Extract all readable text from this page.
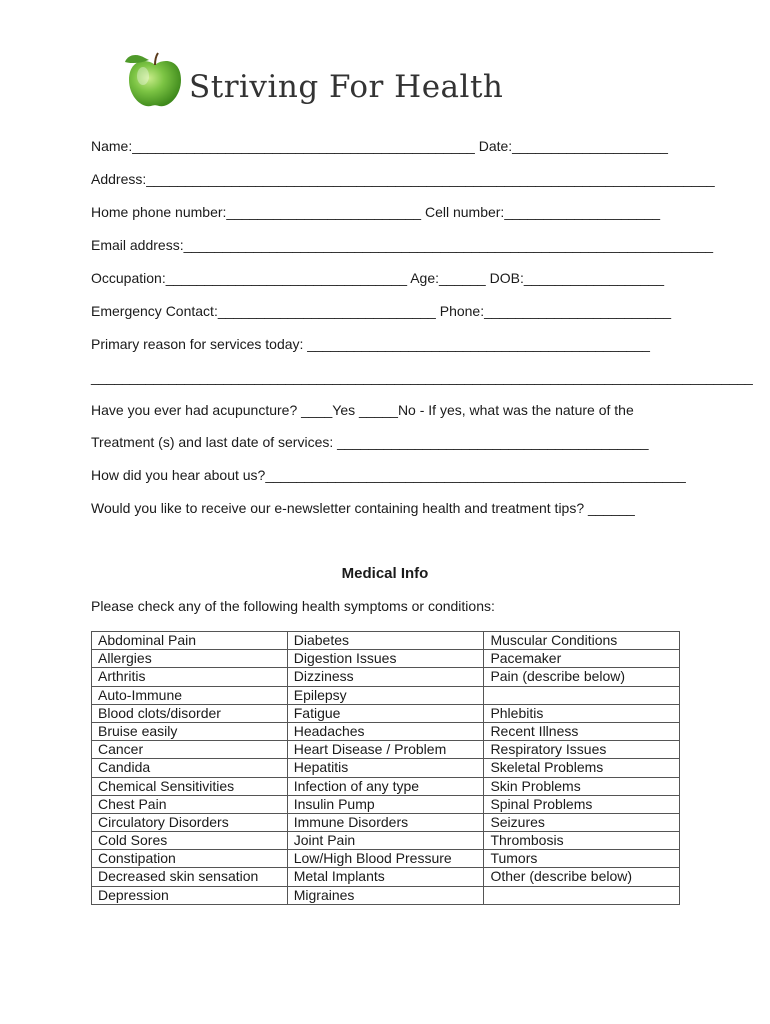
Striving For Health
Name:____________________________________________ Date:____________________
Address:_________________________________________________________________________
Home phone number:_________________________ Cell number:____________________
Email address:____________________________________________________________________
Occupation:_______________________________ Age:______ DOB:__________________
Emergency Contact:____________________________ Phone:________________________
Primary reason for services today: ____________________________________________
_____________________________________________________________________________________
Have you ever had acupuncture? ____Yes _____No - If yes, what was the nature of the
Treatment (s) and last date of services: ________________________________________
How did you hear about us?______________________________________________________
Would you like to receive our e-newsletter containing health and treatment tips? ______
Medical Info
Please check any of the following health symptoms or conditions:
Abdominal Pain	Diabetes	Muscular Conditions
Allergies	Digestion Issues	Pacemaker
Arthritis	Dizziness	Pain (describe below)
Auto-Immune	Epilepsy	
Blood clots/disorder	Fatigue	Phlebitis
Bruise easily	Headaches	Recent Illness
Cancer	Heart Disease / Problem	Respiratory Issues
Candida	Hepatitis	Skeletal Problems
Chemical Sensitivities	Infection of any type	Skin Problems
Chest Pain	Insulin Pump	Spinal Problems
Circulatory Disorders	Immune Disorders	Seizures
Cold Sores	Joint Pain	Thrombosis
Constipation	Low/High Blood Pressure	Tumors
Decreased skin sensation	Metal Implants	Other (describe below)
Depression	Migraines	
